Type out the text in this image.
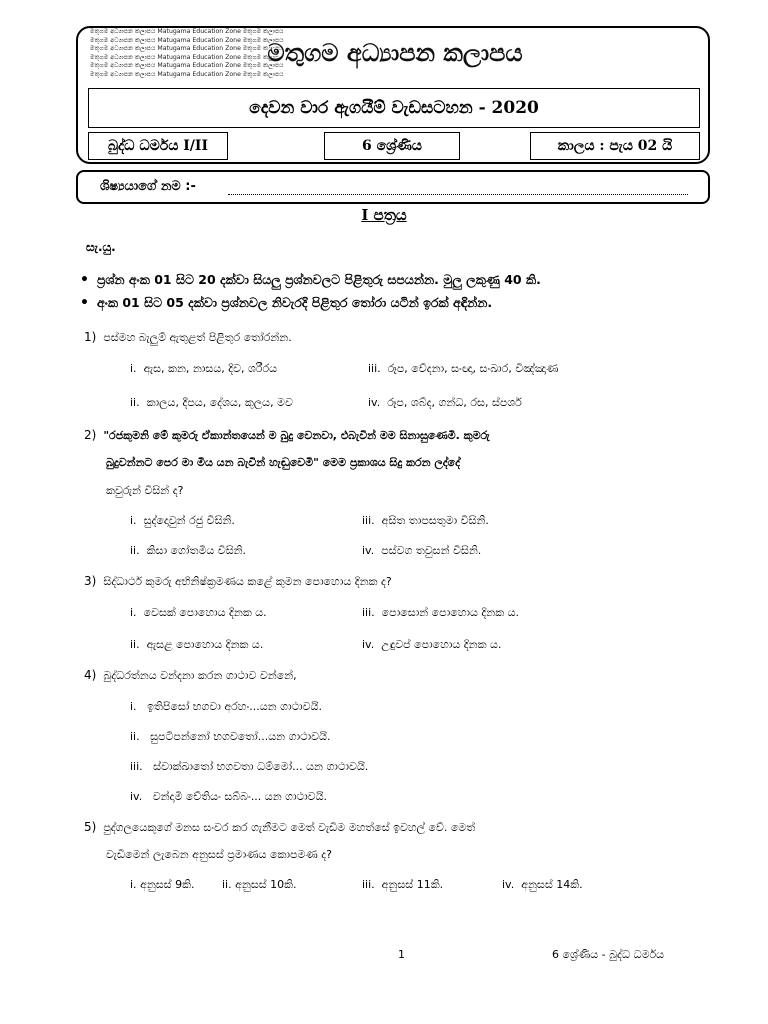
මතුගම අධ්‍යාපන කලාපය Matugama Education Zone මතුගම කලාපය
මතුගම අධ්‍යාපන කලාපය Matugama Education Zone මතුගම කලාපය
මතුගම අධ්‍යාපන කලාපය Matugama Education Zone මතුගම කලාපය
මතුගම අධ්‍යාපන කලාපය Matugama Education Zone මතුගම කලාපය
මතුගම අධ්‍යාපන කලාපය Matugama Education Zone මතුගම කලාපය
මතුගම අධ්‍යාපන කලාපය Matugama Education Zone මතුගම කලාපය
මතුගම අධ්‍යාපන කලාපය
දෙවන වාර ඇගයීම් වැඩසටහන - 2020
බුද්ධ ධර්මය I/II	6 ශ්‍රේණිය	කාලය : පැය 02 යි
ශිෂ්‍යයාගේ නම :-
I පත්‍රය
සැ.යු.
• ප්‍රශ්න අංක 01 සිට 20 දක්වා සියලු ප්‍රශ්නවලට පිළිතුරු සපයන්න. මුලු ලකුණු 40 කි.
• අංක 01 සිට 05 දක්වා ප්‍රශ්නවල නිවැරදි පිළිතුර තෝරා යටින් ඉරක් අඳින්න.
1) පස්මහ බැලුම් ඇතුළත් පිළිතුර තෝරන්න.
i. ඇස, කන, නාසය, දිව, ශරීරය	iii. රූප, වේදනා, සංඥා, සංඛාර, විඤ්ඤාණ
ii. කාලය, දීපය, දේශය, කුලය, මව	iv. රූප, ශබ්ද, ගන්ධ, රස, ස්පර්ශ
2) "රජකුමනි මේ කුමරු ඒකාන්තයෙන් ම බුදු වෙනවා, එබැවින් මම සිනාසුණෙමි. කුමරු
බුදුවන්නට පෙර මා මිය යන බැවින් හැඬුවෙමි" මෙම ප්‍රකාශය සිදු කරන ලද්දේ
කවුරුන් විසින් ද?
i. සුද්දොවුන් රජු විසිනි.	iii. අසිත තාපසතුමා විසිනි.
ii. කිසා ගෝතමිය විසිනි.	iv. පස්වග තවුසන් විසිනි.
3) සිද්ධාර්ථ කුමරු අභිනිෂ්ක්‍රමණය කළේ කුමන පොහොය දිනක ද?
i. වෙසක් පොහොය දිනක ය.	iii. පොසොන් පොහොය දිනක ය.
ii. ඇසළ පොහොය දිනක ය.	iv. උඳුවප් පොහොය දිනක ය.
4) බුද්ධරත්නය වන්දනා කරන ගාථාව වන්නේ,
i. ඉතිපිසෝ භගවා අරහං...යන ගාථාවයි.
ii. සුපටිපන්නෝ භගවතෝ...යන ගාථාවයි.
iii. ස්වාක්ඛාතෝ භගවතා ධම්මෝ... යන ගාථාවයි.
iv. වන්දාමි චේතියං සබ්බං... යන ගාථාවයි.
5) පුද්ගලයෙකුගේ මනස සංවර කර ගැනීමට මෙත් වැඩීම මහත්සේ ඉවහල් වේ. මෙත්
වැඩීමෙන් ලැබෙන අනුසස් ප්‍රමාණය කොපමණ ද?
i. අනුසස් 9කි. ii. අනුසස් 10කි.	iii. අනුසස් 11කි.	iv. අනුසස් 14කි.
1	6 ශ්‍රේණිය - බුද්ධ ධර්මය
